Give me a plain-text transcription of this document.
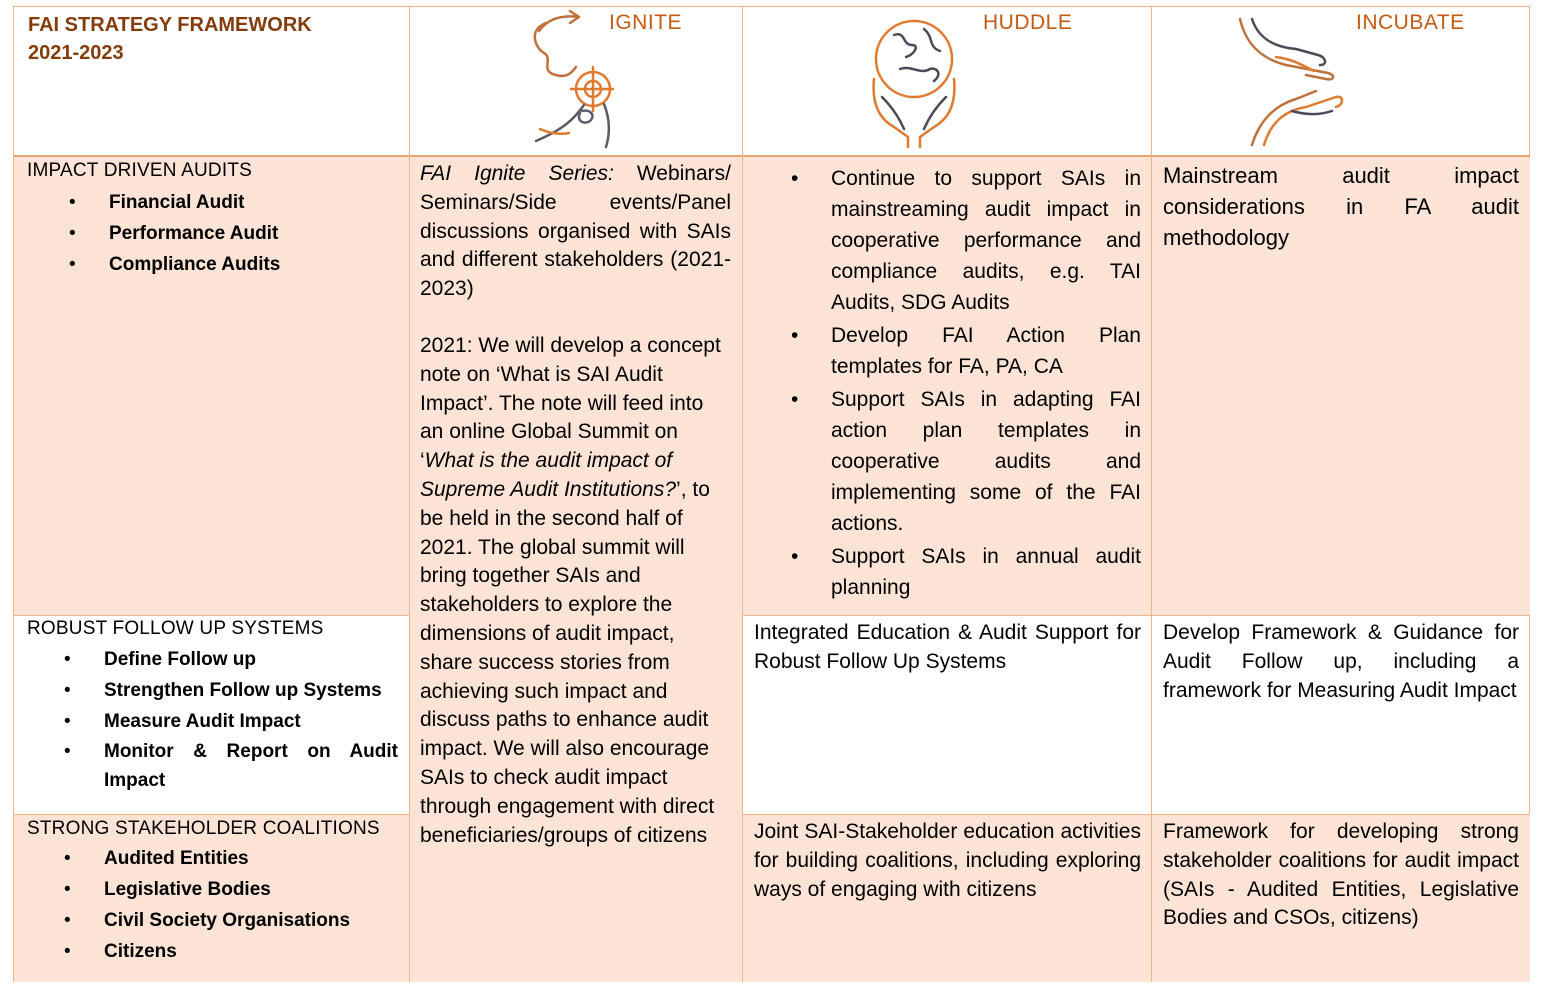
FAI STRATEGY FRAMEWORK
2021-2023
IGNITE	HUDDLE	INCUBATE
IMPACT DRIVEN AUDITS
• Financial Audit
• Performance Audit
• Compliance Audits
ROBUST FOLLOW UP SYSTEMS
• Define Follow up
• Strengthen Follow up Systems
• Measure Audit Impact
• Monitor & Report on Audit Impact
STRONG STAKEHOLDER COALITIONS
• Audited Entities
• Legislative Bodies
• Civil Society Organisations
• Citizens
FAI Ignite Series: Webinars/ Seminars/Side events/Panel discussions organised with SAIs and different stakeholders (2021-2023)
2021: We will develop a concept note on ‘What is SAI Audit Impact’. The note will feed into an online Global Summit on ‘What is the audit impact of Supreme Audit Institutions?’, to be held in the second half of 2021. The global summit will bring together SAIs and stakeholders to explore the dimensions of audit impact, share success stories from achieving such impact and discuss paths to enhance audit impact. We will also encourage SAIs to check audit impact through engagement with direct beneficiaries/groups of citizens
• Continue to support SAIs in mainstreaming audit impact in cooperative performance and compliance audits, e.g. TAI Audits, SDG Audits
• Develop FAI Action Plan templates for FA, PA, CA
• Support SAIs in adapting FAI action plan templates in cooperative audits and implementing some of the FAI actions.
• Support SAIs in annual audit planning
Mainstream audit impact considerations in FA audit methodology
Integrated Education & Audit Support for Robust Follow Up Systems
Develop Framework & Guidance for Audit Follow up, including a framework for Measuring Audit Impact
Joint SAI-Stakeholder education activities for building coalitions, including exploring ways of engaging with citizens
Framework for developing strong stakeholder coalitions for audit impact (SAIs - Audited Entities, Legislative Bodies and CSOs, citizens)
